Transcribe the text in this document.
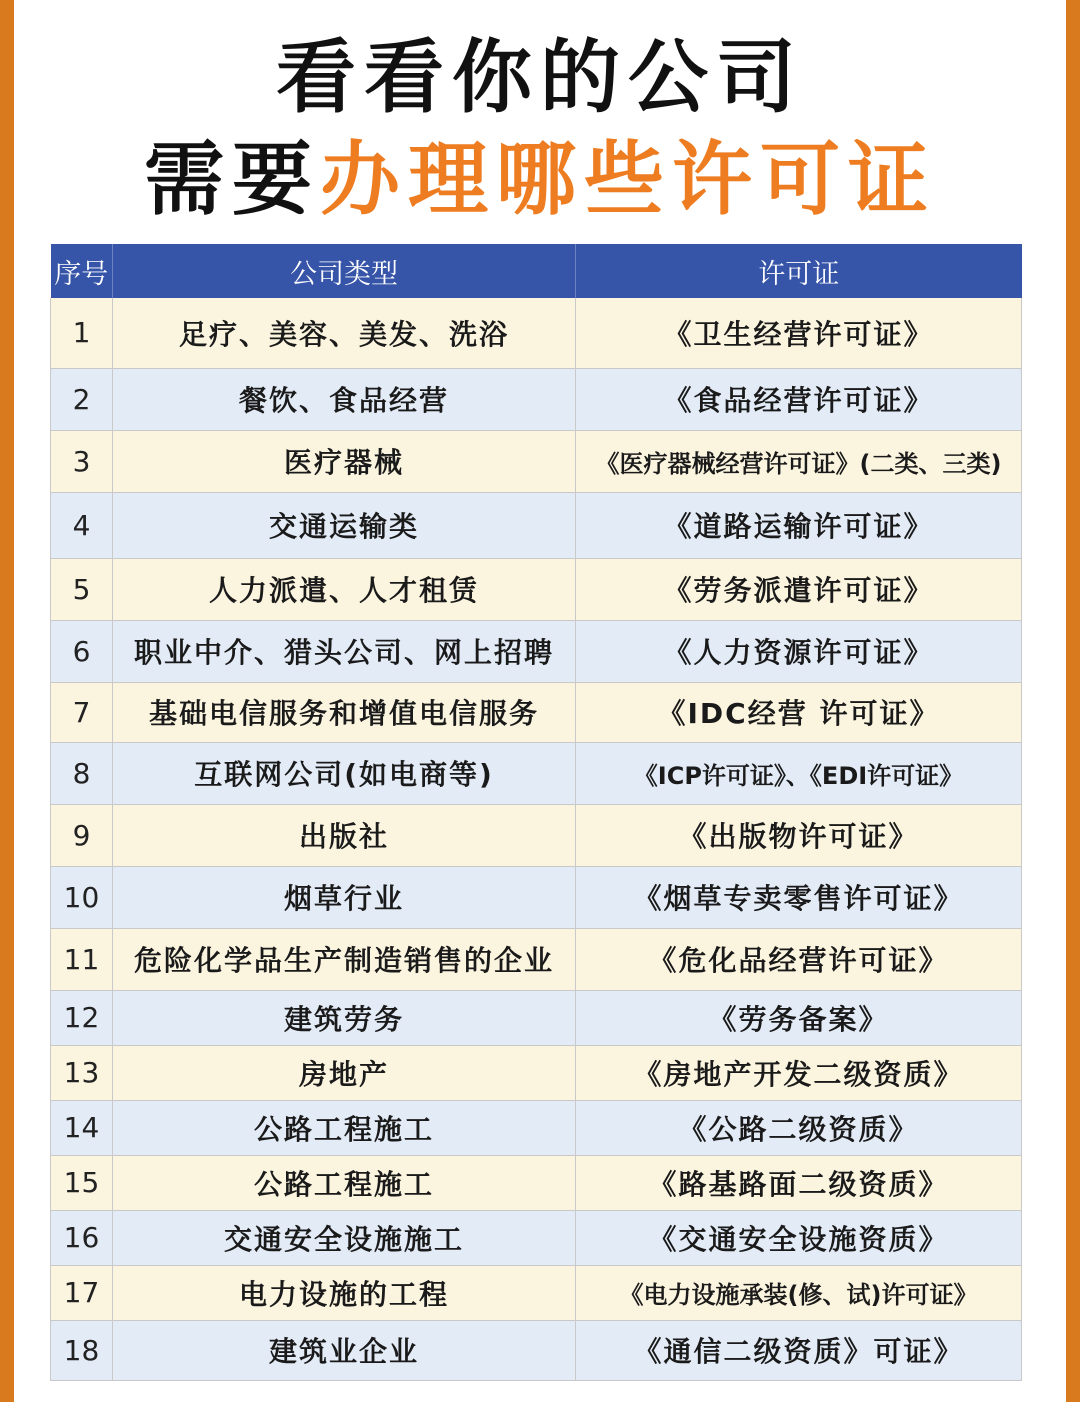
看看你的公司
需要办理哪些许可证
序号	公司类型	许可证
1	足疗、美容、美发、洗浴	《卫生经营许可证》
2	餐饮、食品经营	《食品经营许可证》
3	医疗器械	《医疗器械经营许可证》(二类、三类)
4	交通运输类	《道路运输许可证》
5	人力派遣、人才租赁	《劳务派遣许可证》
6	职业中介、猎头公司、网上招聘	《人力资源许可证》
7	基础电信服务和增值电信服务	《IDC经营 许可证》
8	互联网公司(如电商等)	《ICP许可证》、《EDI许可证》
9	出版社	《出版物许可证》
10	烟草行业	《烟草专卖零售许可证》
11	危险化学品生产制造销售的企业	《危化品经营许可证》
12	建筑劳务	《劳务备案》
13	房地产	《房地产开发二级资质》
14	公路工程施工	《公路二级资质》
15	公路工程施工	《路基路面二级资质》
16	交通安全设施施工	《交通安全设施资质》
17	电力设施的工程	《电力设施承装(修、试)许可证》
18	建筑业企业	《通信二级资质》可证》
